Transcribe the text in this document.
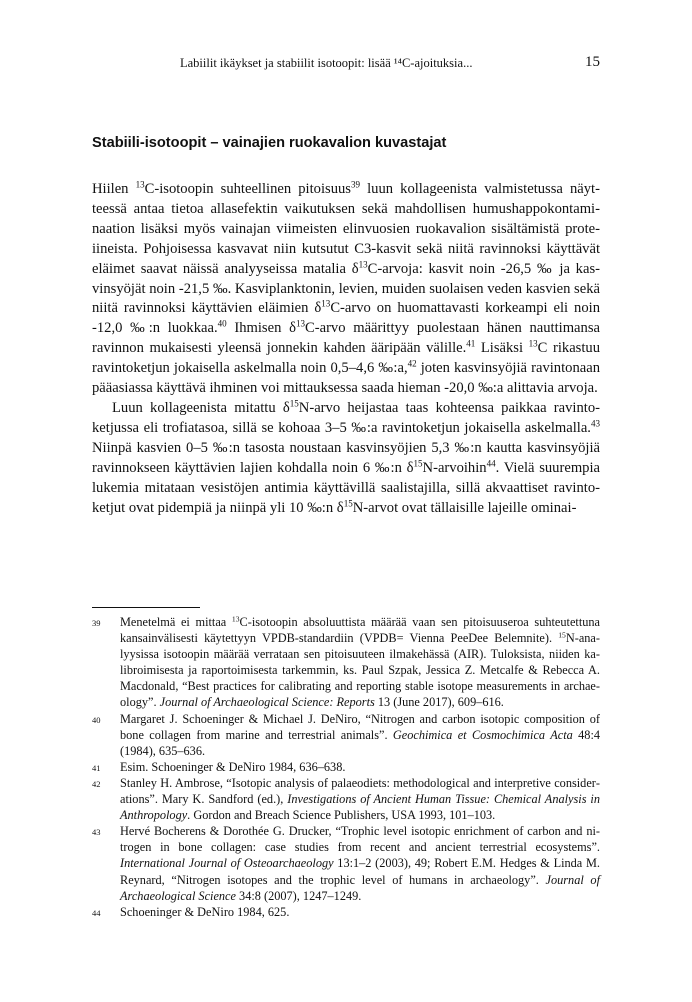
Labiilit ikäykset ja stabiilit isotoopit: lisää ¹⁴C-ajoituksia...	15
Stabiili-isotoopit – vainajien ruokavalion kuvastajat

Hiilen $^{13}$C-isotoopin suhteellinen pitoisuus$^{39}$ luun kollageenista valmistetussa näytteessä antaa tietoa allasefektin vaikutuksen sekä mahdollisen humushappokontaminaation lisäksi myös vainajan viimeisten elinvuosien ruokavalion sisältämistä proteiineista. Pohjoisessa kasvavat niin kutsutut C3-kasvit sekä niitä ravinnoksi käyttävät eläimet saavat näissä analyyseissa matalia $\delta^{13}C$-arvoja: kasvit noin -26,5 ‰ ja kasvinsyöjät noin -21,5 ‰. Kasviplanktonin, levien, muiden suolaisen veden kasvien sekä niitä ravinnoksi käyttävien eläimien $\delta^{13}C$-arvo on huomattavasti korkeampi eli noin -12,0 ‰:n luokkaa.$^{40}$ Ihmisen $\delta^{13}C$-arvo määrittyy puolestaan hänen nauttimansa ravinnon mukaisesti yleensä jonnekin kahden ääripään välille.$^{41}$ Lisäksi $^{13}$C rikastuu ravintoketjun jokaisella askelmalla noin 0,5–4,6 ‰:a,$^{42}$ joten kasvinsyöjiä ravintonaan pääasiassa käyttävä ihminen voi mittauksessa saada hieman -20,0 ‰:a alittavia arvoja.

Luun kollageenista mitattu $\delta^{15}N$-arvo heijastaa taas kohteensa paikkaa ravintoketjussa eli trofiatasoa, sillä se kohoaa 3–5 ‰:a ravintoketjun jokaisella askelmalla.$^{43}$ Niinpä kasvien 0–5 ‰:n tasosta noustaan kasvinsyöjien 5,3 ‰:n kautta kasvinsyöjiä ravinnokseen käyttävien lajien kohdalla noin 6 ‰:n $\delta^{15}N-arvoihin^{44}$. Vielä suurempia lukemia mitataan vesistöjen antimia käyttävillä saalistajilla, sillä akvaattiset ravintoketjut ovat pidempiä ja niinpä yli 10 ‰:n $\delta^{15}N$-arvot ovat tällaisille lajeille ominai-

39 Menetelmä ei mittaa $^{13}$C-isotoopin absoluuttista määrää vaan sen pitoisuuseroa suhteutettuna kansainvälisesti käytettyyn VPDB-standardiin (VPDB= Vienna PeeDee Belemnite). $^{15}$N-analyysissa isotoopin määrää verrataan sen pitoisuuteen ilmakehässä (AIR). Tuloksista, niiden kalibroimisesta ja raportoimisesta tarkemmin, ks. Paul Szpak, Jessica Z. Metcalfe & Rebecca A. Macdonald, “Best practices for calibrating and reporting stable isotope measurements in archaeology”. Journal of Archaeological Science: Reports 13 (June 2017), 609–616.
40 Margaret J. Schoeninger & Michael J. DeNiro, “Nitrogen and carbon isotopic composition of bone collagen from marine and terrestrial animals”. Geochimica et Cosmochimica Acta 48:4 (1984), 635–636.
41 Esim. Schoeninger & DeNiro 1984, 636–638.
42 Stanley H. Ambrose, “Isotopic analysis of palaeodiets: methodological and interpretive considerations”. Mary K. Sandford (ed.), Investigations of Ancient Human Tissue: Chemical Analysis in Anthropology. Gordon and Breach Science Publishers, USA 1993, 101–103.
43 Hervé Bocherens & Dorothée G. Drucker, “Trophic level isotopic enrichment of carbon and nitrogen in bone collagen: case studies from recent and ancient terrestrial ecosystems”. International Journal of Osteoarchaeology 13:1–2 (2003), 49; Robert E.M. Hedges & Linda M. Reynard, “Nitrogen isotopes and the trophic level of humans in archaeology”. Journal of Archaeological Science 34:8 (2007), 1247–1249.
44 Schoeninger & DeNiro 1984, 625.
